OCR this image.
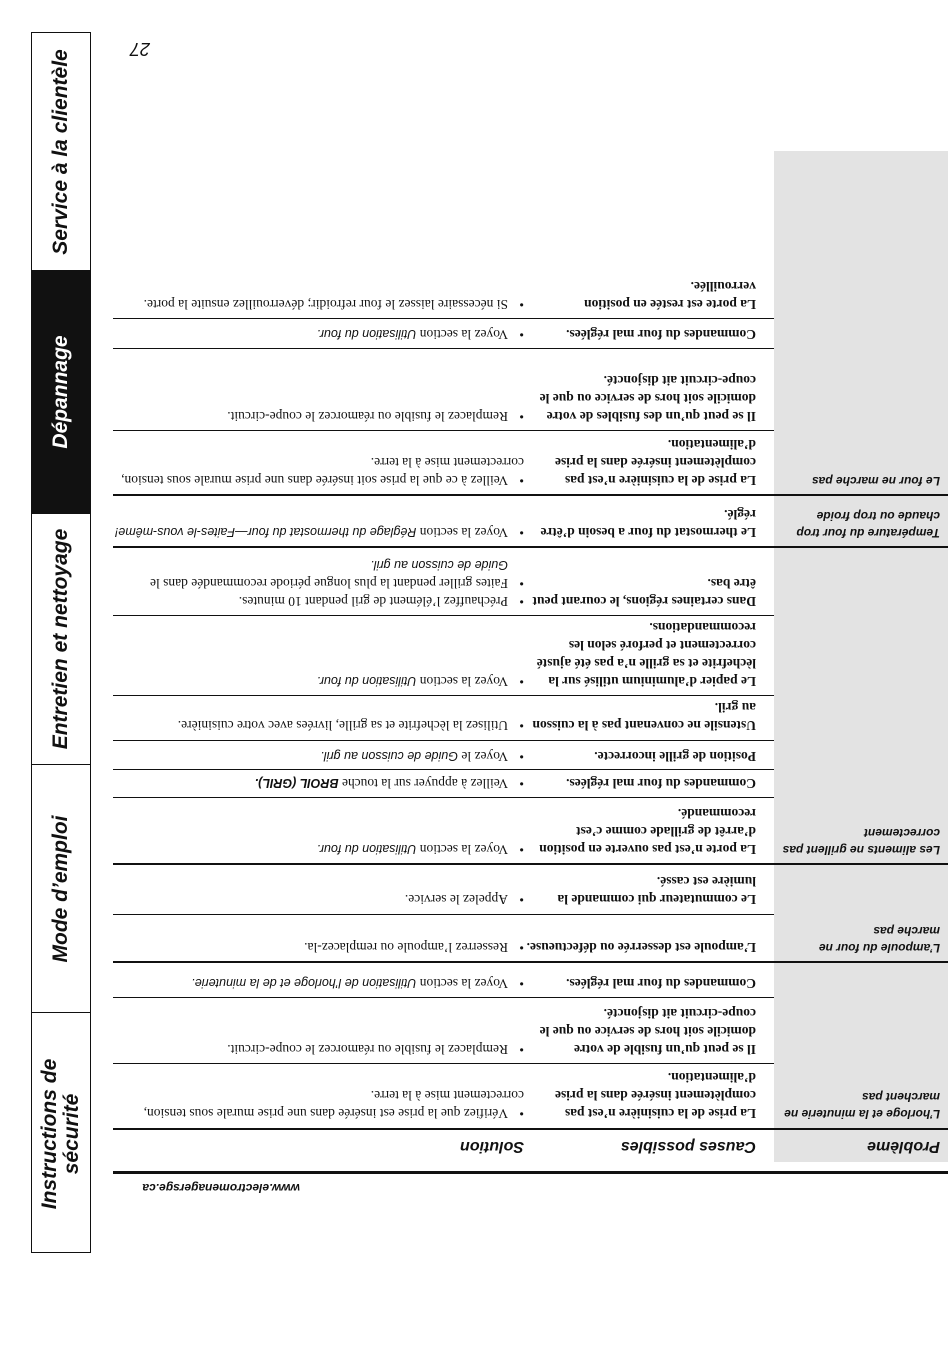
Service à la clientèle
Dépannage
Entretien et nettoyage
Mode d’emploi
Instructions de sécurité
www.electromenagersge.ca
Problème
Causes possibles
Solution
L’horloge et la minuterie ne marchent pas
La prise de la cuisinière n’est pas complètement insérée dans la prise d’alimentation.
•Vérifiez que la prise est insérée dans une prise murale sous tension, correctement mise à la terre.
Il se peut qu’un fusible de votre domicile soit hors de service ou que le coupe-circuit ait disjoncté.
•Remplacez le fusible ou réamorcez le coupe-circuit.
Commandes du four mal réglées.
•Voyez la section Utilisation de l’horloge et de la minuterie.
L’ampoule du four ne marche pas
L’ampoule est desserrée ou défectueuse.
•Resserrez l’ampoule ou remplacez-la.
Le commutateur qui commande la lumière est cassé.
•Appelez le service.
Les aliments ne grillent pas correctement
La porte n’est pas ouverte en position d’arrêt de grillade comme c’est recommandé.
•Voyez la section Utilisation du four.
Commandes du four mal réglées.
•Veillez à appuyer sur la touche BROIL (GRIL).
Position de grille incorrecte.
•Voyez le Guide de cuisson au gril.
Ustensile ne convenant pas à la cuisson au gril.
•Utilisez la lèchefrite et sa grille, livrées avec votre cuisinière.
Le papier d’aluminium utilisé sur la lèchefrite et sa grille n’a pas été ajusté correctement et perforé selon les recommandations.
•Voyez la section Utilisation du four.
Dans certaines régions, le courant peut être bas.
•Préchauffez l’élément de gril pendant 10 minutes.
•Faites griller pendant la plus longue période recommandée dans le
Guide de cuisson au gril.
Température du four trop chaude ou trop froide
Le thermostat du four a besoin d’être réglé.
•Voyez la section Réglage du thermostat du four—Faites-le vous-même!
Le four ne marche pas
La prise de la cuisinière n’est pas complètement insérée dans la prise d’alimentation.
•Veillez à ce que la prise soit insérée dans une prise murale sous tension, correctement mise à la terre.
Il se peut qu’un des fusibles de votre domicile soit hors de service ou que le coupe-circuit ait disjoncté.
•Remplacez le fusible ou réamorcez le coupe-circuit.
Commandes du four mal réglées.
•Voyez la section Utilisation du four.
La porte est restée en position verrouillée.
•Si nécessaire laissez le four refroidir; déverrouillez ensuite la porte.
27
